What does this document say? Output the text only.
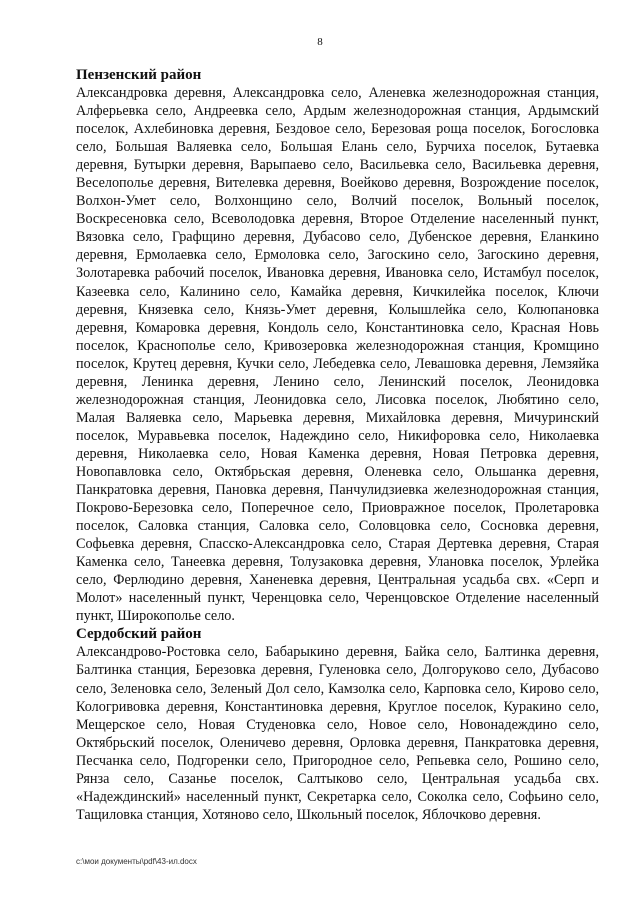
8

Пензенский район

Александровка деревня, Александровка село, Аленевка железнодорожная станция, Алферьевка село, Андреевка село, Ардым железнодорожная станция, Ардымский поселок, Ахлебиновка деревня, Бездовое село, Березовая роща поселок, Богословка село, Большая Валяевка село, Большая Елань село, Бурчиха поселок, Бутаевка деревня, Бутырки деревня, Варыпаево село, Васильевка село, Васильевка деревня, Веселополье деревня, Вителевка деревня, Воейково деревня, Возрождение поселок, Волхон-Умет село, Волхонщино село, Волчий поселок, Вольный поселок, Воскресеновка село, Всеволодовка деревня, Второе Отделение населенный пункт, Вязовка село, Графщино деревня, Дубасово село, Дубенское деревня, Еланкино деревня, Ермолаевка село, Ермоловка село, Загоскино село, Загоскино деревня, Золотаревка рабочий поселок, Ивановка деревня, Ивановка село, Истамбул поселок, Казеевка село, Калинино село, Камайка деревня, Кичкилейка поселок, Ключи деревня, Князевка село, Князь-Умет деревня, Колышлейка село, Колюпановка деревня, Комаровка деревня, Кондоль село, Константиновка село, Красная Новь поселок, Краснополье село, Кривозеровка железнодорожная станция, Кромщино поселок, Крутец деревня, Кучки село, Лебедевка село, Левашовка деревня, Лемзяйка деревня, Ленинка деревня, Ленино село, Ленинский поселок, Леонидовка железнодорожная станция, Леонидовка село, Лисовка поселок, Любятино село, Малая Валяевка село, Марьевка деревня, Михайловка деревня, Мичуринский поселок, Муравьевка поселок, Надеждино село, Никифоровка село, Николаевка деревня, Николаевка село, Новая Каменка деревня, Новая Петровка деревня, Новопавловка село, Октябрьская деревня, Оленевка село, Ольшанка деревня, Панкратовка деревня, Пановка деревня, Панчулидзиевка железнодорожная станция, Покрово-Березовка село, Поперечное село, Приовражное поселок, Пролетаровка поселок, Саловка станция, Саловка село, Соловцовка село, Сосновка деревня, Софьевка деревня, Спасско-Александровка село, Старая Дертевка деревня, Старая Каменка село, Танеевка деревня, Толузаковка деревня, Улановка поселок, Урлейка село, Ферлюдино деревня, Ханеневка деревня, Центральная усадьба свх. «Серп и Молот» населенный пункт, Черенцовка село, Черенцовское Отделение населенный пункт, Широкополье село.

Сердобский район

Александрово-Ростовка село, Бабарыкино деревня, Байка село, Балтинка деревня, Балтинка станция, Березовка деревня, Гуленовка село, Долгоруково село, Дубасово село, Зеленовка село, Зеленый Дол село, Камзолка село, Карповка село, Кирово село, Кологривовка деревня, Константиновка деревня, Круглое поселок, Куракино село, Мещерское село, Новая Студеновка село, Новое село, Новонадеждино село, Октябрьский поселок, Оленичево деревня, Орловка деревня, Панкратовка деревня, Песчанка село, Подгоренки село, Пригородное село, Репьевка село, Рошино село, Рянза село, Сазанье поселок, Салтыково село, Центральная усадьба свх. «Надеждинский» населенный пункт, Секретарка село, Соколка село, Софьино село, Тащиловка станция, Хотяново село, Школьный поселок, Яблочково деревня.

c:\мои документы\pdf\43-ил.docx
